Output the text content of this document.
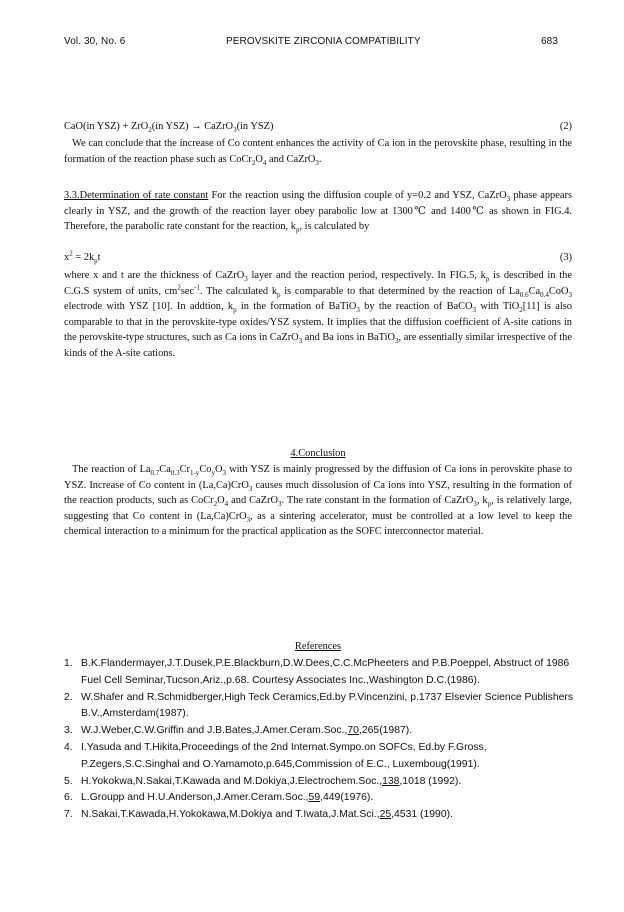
Vol. 30, No. 6	PEROVSKITE ZIRCONIA COMPATIBILITY	683
CaO(in YSZ) + ZrO$_2$(in YSZ) → CaZrO$_3$(in YSZ)	(2)
We can conclude that the increase of Co content enhances the activity of Ca ion in the perovskite phase, resulting in the formation of the reaction phase such as $CoCr_2O_4$ and CaZrO$_3$.
3.3.Determination of rate constant For the reaction using the diffusion couple of y=0.2 and YSZ, CaZrO$_3$ phase appears clearly in YSZ, and the growth of the reaction layer obey parabolic low at 1300℃ and 1400℃ as shown in FIG.4. Therefore, the parabolic rate constant for the reaction, $k_p$, is calculated by
$x^2 = 2k_pt$	(3)
where x and t are the thickness of CaZrO$_3$ layer and the reaction period, respectively. In FIG.5, $k_p$ is described in the C.G.S system of units, $cm^2\sec^{-1}$. The calculated $k_p$ is comparable to that determined by the reaction of $La_{0.6}Ca_{0.4}CoO_3$ electrode with YSZ [10]. In addtion, $k_p$ in the formation of BaTiO$_3$ by the reaction of BaCO$_3$ with TiO$_2$[11] is also comparable to that in the perovskite-type oxides/YSZ system. It implies that the diffusion coefficient of A-site cations in the perovskite-type structures, such as Ca ions in CaZrO$_3$ and Ba ions in BaTiO$_3$, are essentially similar irrespective of the kinds of the A-site cations.
4.Conclusion
The reaction of $La_{0.7}Ca_{0.3}Cr_{1-y}Co_yO_3$ with YSZ is mainly progressed by the diffusion of Ca ions in perovskite phase to YSZ. Increase of Co content in (La,Ca)CrO$_3$ causes much dissolusion of Ca ions into YSZ, resulting in the formation of the reaction products, such as $CoCr_2O_4$ and CaZrO$_3$. The rate constant in the formation of CaZrO$_3$, $k_p$, is relatively large, suggesting that Co content in (La,Ca)CrO$_3$, as a sintering accelerator, must be controlled at a low level to keep the chemical interaction to a minimum for the practical application as the SOFC interconnector material.
References
1. B.K.Flandermayer,J.T.Dusek,P.E.Blackburn,D.W.Dees,C.C.McPheeters and P.B.Poeppel, Abstruct of 1986 Fuel Cell Seminar,Tucson,Ariz.,p.68. Courtesy Associates Inc.,Washington D.C.(1986).
2. W.Shafer and R.Schmidberger,High Teck Ceramics,Ed.by P.Vincenzini, p.1737 Elsevier Science Publishers B.V.,Amsterdam(1987).
3. W.J.Weber,C.W.Griffin and J.B.Bates,J.Amer.Ceram.Soc.,70,265(1987).
4. I.Yasuda and T.Hikita,Proceedings of the 2nd Internat.Sympo.on SOFCs, Ed.by F.Gross, P.Zegers,S.C.Singhal and O.Yamamoto,p.645,Commission of E.C., Luxemboug(1991).
5. H.Yokokwa,N.Sakai,T.Kawada and M.Dokiya,J.Electrochem.Soc.,138,1018 (1992).
6. L.Groupp and H.U.Anderson,J.Amer.Ceram.Soc.,59,449(1976).
7. N.Sakai,T.Kawada,H.Yokokawa,M.Dokiya and T.Iwata,J.Mat.Sci.,25,4531 (1990).
